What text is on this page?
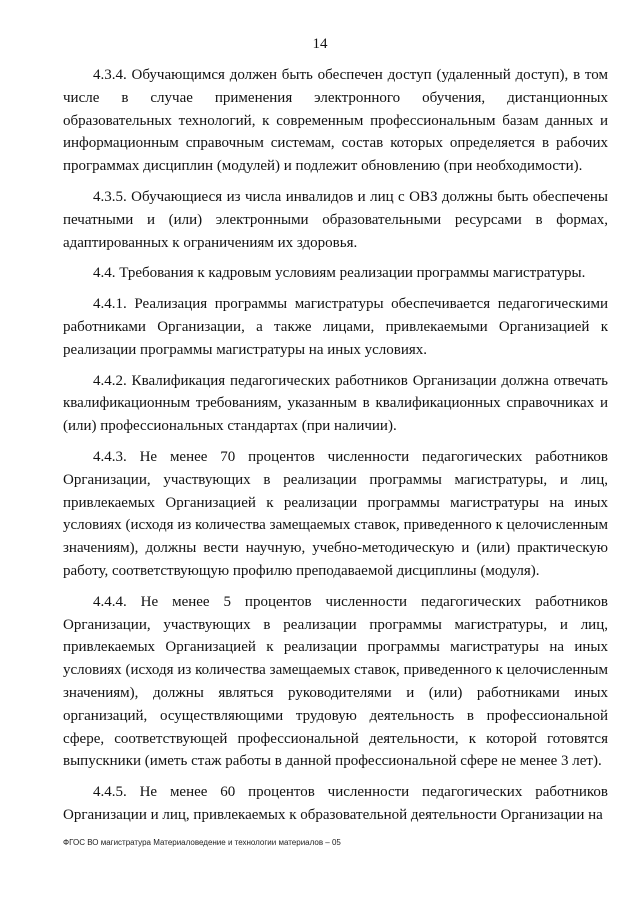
14

4.3.4. Обучающимся должен быть обеспечен доступ (удаленный доступ), в том числе в случае применения электронного обучения, дистанционных образовательных технологий, к современным профессиональным базам данных и информационным справочным системам, состав которых определяется в рабочих программах дисциплин (модулей) и подлежит обновлению (при необходимости).

4.3.5. Обучающиеся из числа инвалидов и лиц с ОВЗ должны быть обеспечены печатными и (или) электронными образовательными ресурсами в формах, адаптированных к ограничениям их здоровья.

4.4. Требования к кадровым условиям реализации программы магистратуры.

4.4.1. Реализация программы магистратуры обеспечивается педагогическими работниками Организации, а также лицами, привлекаемыми Организацией к реализации программы магистратуры на иных условиях.

4.4.2. Квалификация педагогических работников Организации должна отвечать квалификационным требованиям, указанным в квалификационных справочниках и (или) профессиональных стандартах (при наличии).

4.4.3. Не менее 70 процентов численности педагогических работников Организации, участвующих в реализации программы магистратуры, и лиц, привлекаемых Организацией к реализации программы магистратуры на иных условиях (исходя из количества замещаемых ставок, приведенного к целочисленным значениям), должны вести научную, учебно-методическую и (или) практическую работу, соответствующую профилю преподаваемой дисциплины (модуля).

4.4.4. Не менее 5 процентов численности педагогических работников Организации, участвующих в реализации программы магистратуры, и лиц, привлекаемых Организацией к реализации программы магистратуры на иных условиях (исходя из количества замещаемых ставок, приведенного к целочисленным значениям), должны являться руководителями и (или) работниками иных организаций, осуществляющими трудовую деятельность в профессиональной сфере, соответствующей профессиональной деятельности, к которой готовятся выпускники (иметь стаж работы в данной профессиональной сфере не менее 3 лет).

4.4.5. Не менее 60 процентов численности педагогических работников Организации и лиц, привлекаемых к образовательной деятельности Организации на

ФГОС ВО магистратура Материаловедение и технологии материалов – 05
